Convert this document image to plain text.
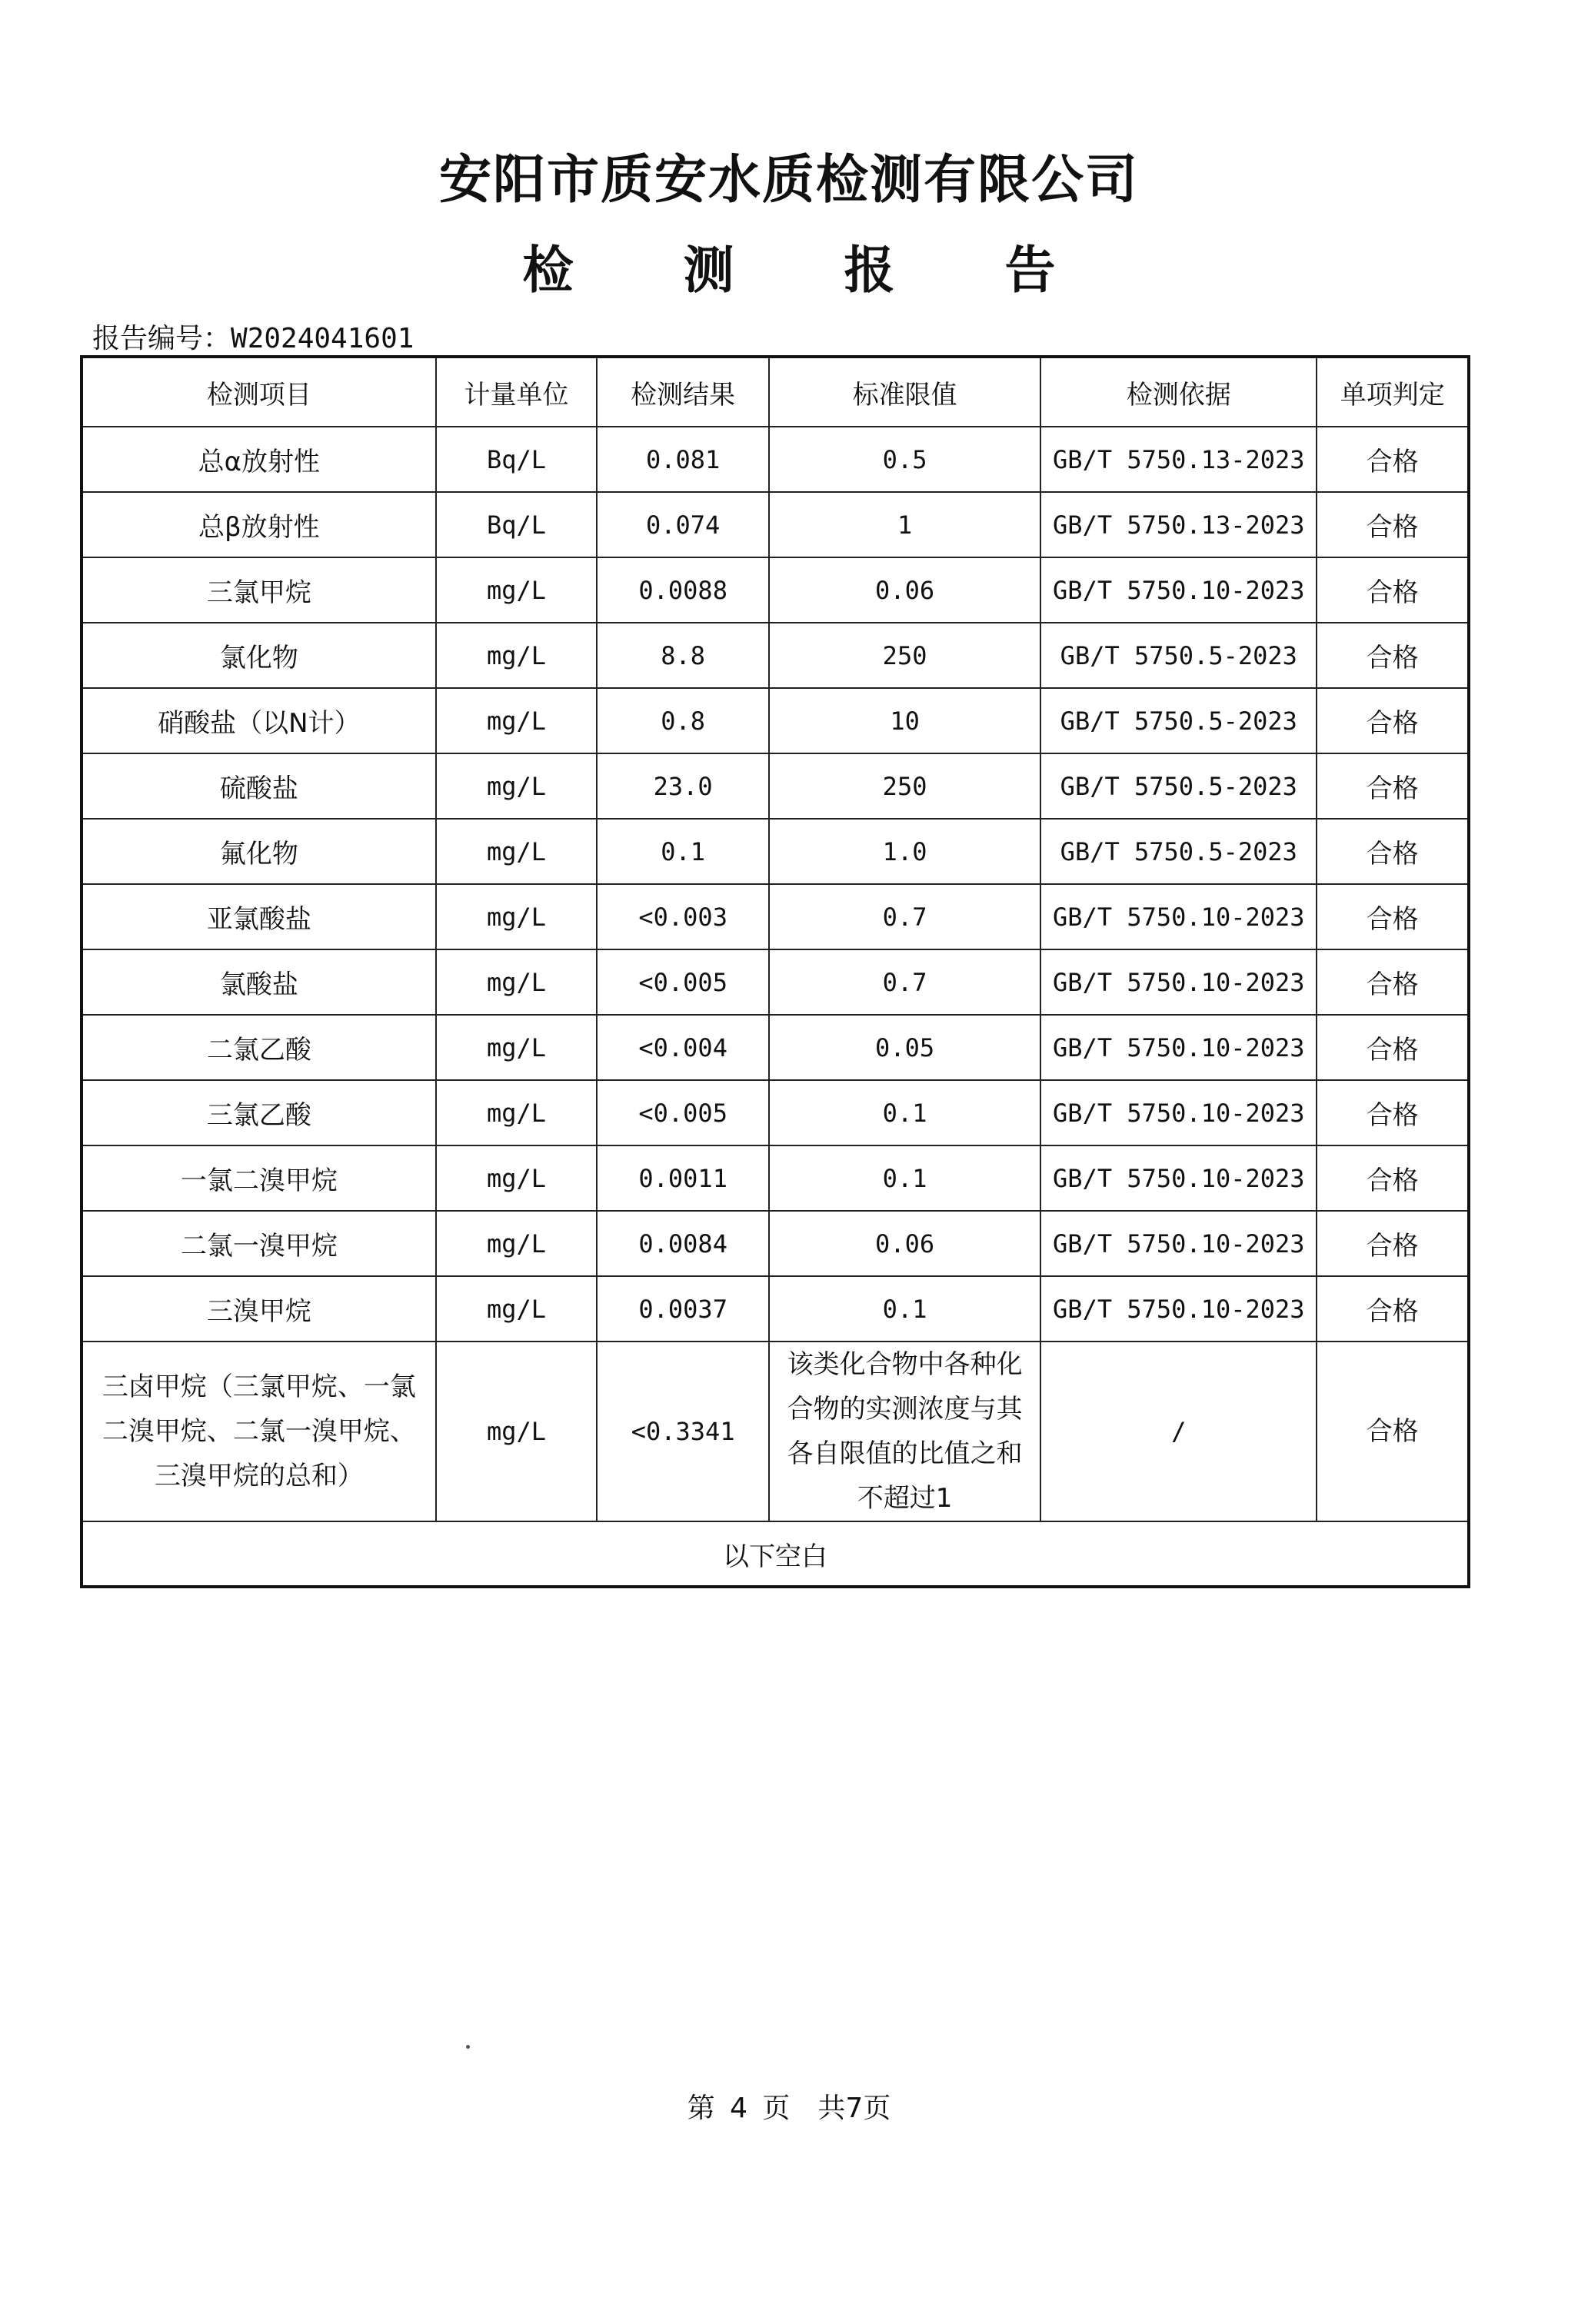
安阳市质安水质检测有限公司
检 测 报 告
报告编号：W2024041601
检测项目	计量单位	检测结果	标准限值	检测依据	单项判定
总α放射性	Bq/L	0.081	0.5	GB/T 5750.13-2023	合格
总β放射性	Bq/L	0.074	1	GB/T 5750.13-2023	合格
三氯甲烷	mg/L	0.0088	0.06	GB/T 5750.10-2023	合格
氯化物	mg/L	8.8	250	GB/T 5750.5-2023	合格
硝酸盐（以N计）	mg/L	0.8	10	GB/T 5750.5-2023	合格
硫酸盐	mg/L	23.0	250	GB/T 5750.5-2023	合格
氟化物	mg/L	0.1	1.0	GB/T 5750.5-2023	合格
亚氯酸盐	mg/L	<0.003	0.7	GB/T 5750.10-2023	合格
氯酸盐	mg/L	<0.005	0.7	GB/T 5750.10-2023	合格
二氯乙酸	mg/L	<0.004	0.05	GB/T 5750.10-2023	合格
三氯乙酸	mg/L	<0.005	0.1	GB/T 5750.10-2023	合格
一氯二溴甲烷	mg/L	0.0011	0.1	GB/T 5750.10-2023	合格
二氯一溴甲烷	mg/L	0.0084	0.06	GB/T 5750.10-2023	合格
三溴甲烷	mg/L	0.0037	0.1	GB/T 5750.10-2023	合格
三卤甲烷（三氯甲烷、一氯二溴甲烷、二氯一溴甲烷、三溴甲烷的总和）	mg/L	<0.3341	该类化合物中各种化合物的实测浓度与其各自限值的比值之和不超过1	/	合格
以下空白					
第 4 页　共7页
